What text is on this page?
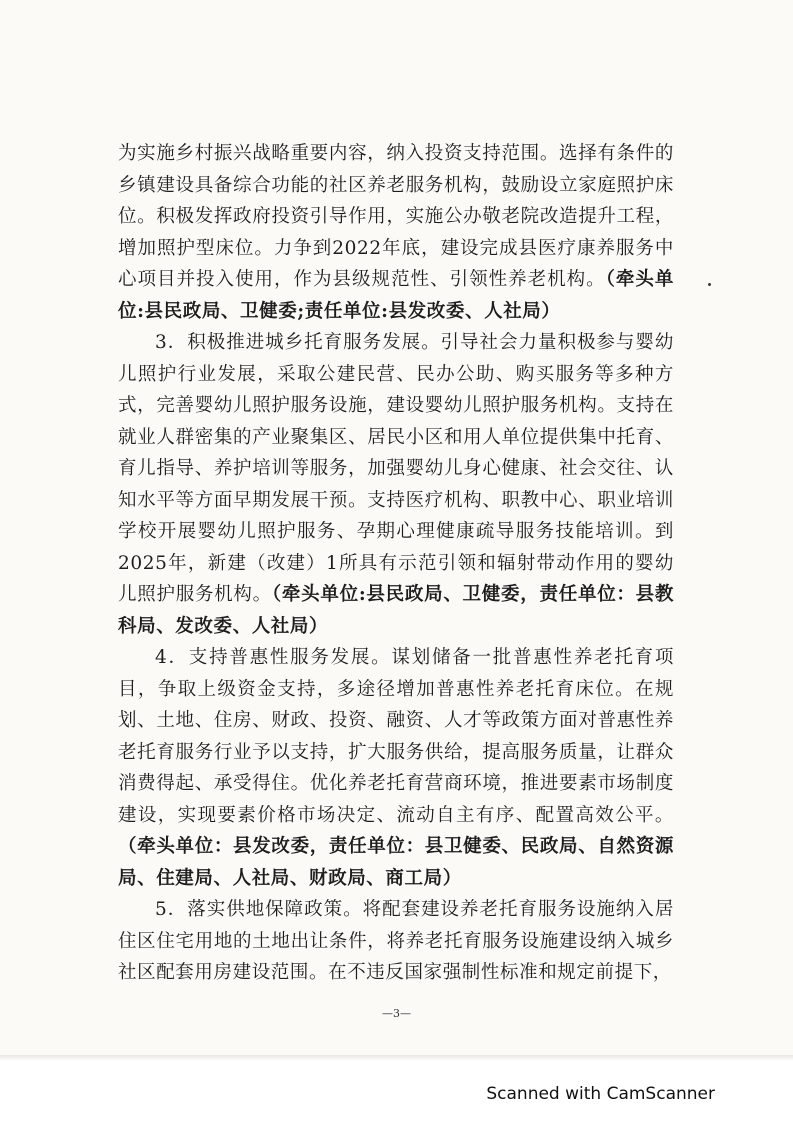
为实施乡村振兴战略重要内容，纳入投资支持范围。选择有条件的乡镇建设具备综合功能的社区养老服务机构，鼓励设立家庭照护床位。积极发挥政府投资引导作用，实施公办敬老院改造提升工程，增加照护型床位。力争到2022年底，建设完成县医疗康养服务中心项目并投入使用，作为县级规范性、引领性养老机构。（牵头单位:县民政局、卫健委;责任单位:县发改委、人社局）

3．积极推进城乡托育服务发展。引导社会力量积极参与婴幼儿照护行业发展，采取公建民营、民办公助、购买服务等多种方式，完善婴幼儿照护服务设施，建设婴幼儿照护服务机构。支持在就业人群密集的产业聚集区、居民小区和用人单位提供集中托育、育儿指导、养护培训等服务，加强婴幼儿身心健康、社会交往、认知水平等方面早期发展干预。支持医疗机构、职教中心、职业培训学校开展婴幼儿照护服务、孕期心理健康疏导服务技能培训。到2025年，新建（改建）1所具有示范引领和辐射带动作用的婴幼儿照护服务机构。（牵头单位:县民政局、卫健委，责任单位：县教科局、发改委、人社局）

4．支持普惠性服务发展。谋划储备一批普惠性养老托育项目，争取上级资金支持，多途径增加普惠性养老托育床位。在规划、土地、住房、财政、投资、融资、人才等政策方面对普惠性养老托育服务行业予以支持，扩大服务供给，提高服务质量，让群众消费得起、承受得住。优化养老托育营商环境，推进要素市场制度建设，实现要素价格市场决定、流动自主有序、配置高效公平。（牵头单位：县发改委，责任单位：县卫健委、民政局、自然资源局、住建局、人社局、财政局、商工局）

5．落实供地保障政策。将配套建设养老托育服务设施纳入居住区住宅用地的土地出让条件，将养老托育服务设施建设纳入城乡社区配套用房建设范围。在不违反国家强制性标准和规定前提下，

—3—
Scanned with CamScanner
